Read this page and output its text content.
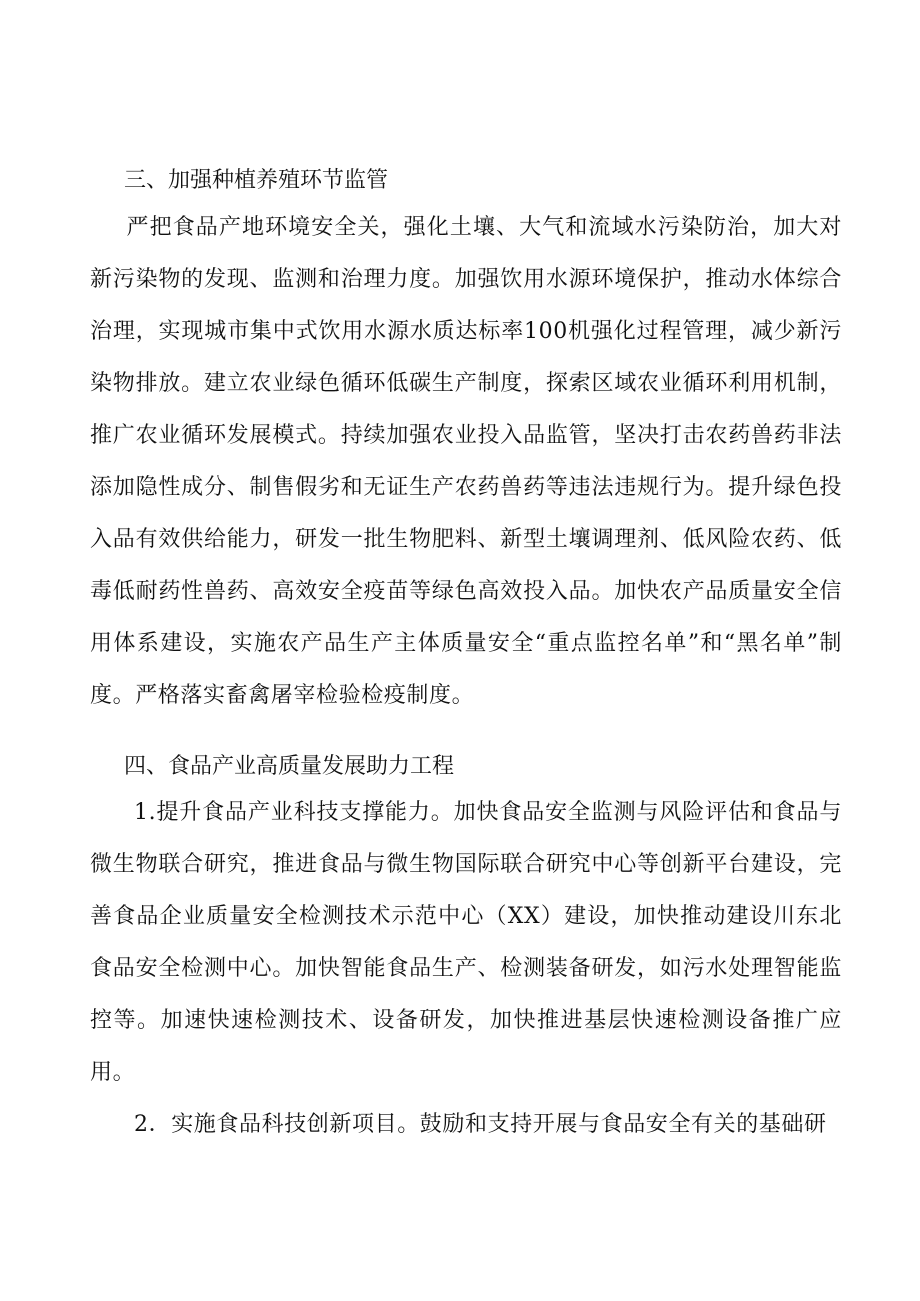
三、加强种植养殖环节监管
严把食品产地环境安全关，强化土壤、大气和流域水污染防治，加大对新污染物的发现、监测和治理力度。加强饮用水源环境保护，推动水体综合治理，实现城市集中式饮用水源水质达标率100机强化过程管理，减少新污染物排放。建立农业绿色循环低碳生产制度，探索区域农业循环利用机制，推广农业循环发展模式。持续加强农业投入品监管，坚决打击农药兽药非法添加隐性成分、制售假劣和无证生产农药兽药等违法违规行为。提升绿色投入品有效供给能力，研发一批生物肥料、新型土壤调理剂、低风险农药、低毒低耐药性兽药、高效安全疫苗等绿色高效投入品。加快农产品质量安全信用体系建设，实施农产品生产主体质量安全“重点监控名单”和“黑名单”制度。严格落实畜禽屠宰检验检疫制度。
四、食品产业高质量发展助力工程
1.提升食品产业科技支撑能力。加快食品安全监测与风险评估和食品与微生物联合研究，推进食品与微生物国际联合研究中心等创新平台建设，完善食品企业质量安全检测技术示范中心（XX）建设，加快推动建设川东北食品安全检测中心。加快智能食品生产、检测装备研发，如污水处理智能监控等。加速快速检测技术、设备研发，加快推进基层快速检测设备推广应用。
2．实施食品科技创新项目。鼓励和支持开展与食品安全有关的基础研
